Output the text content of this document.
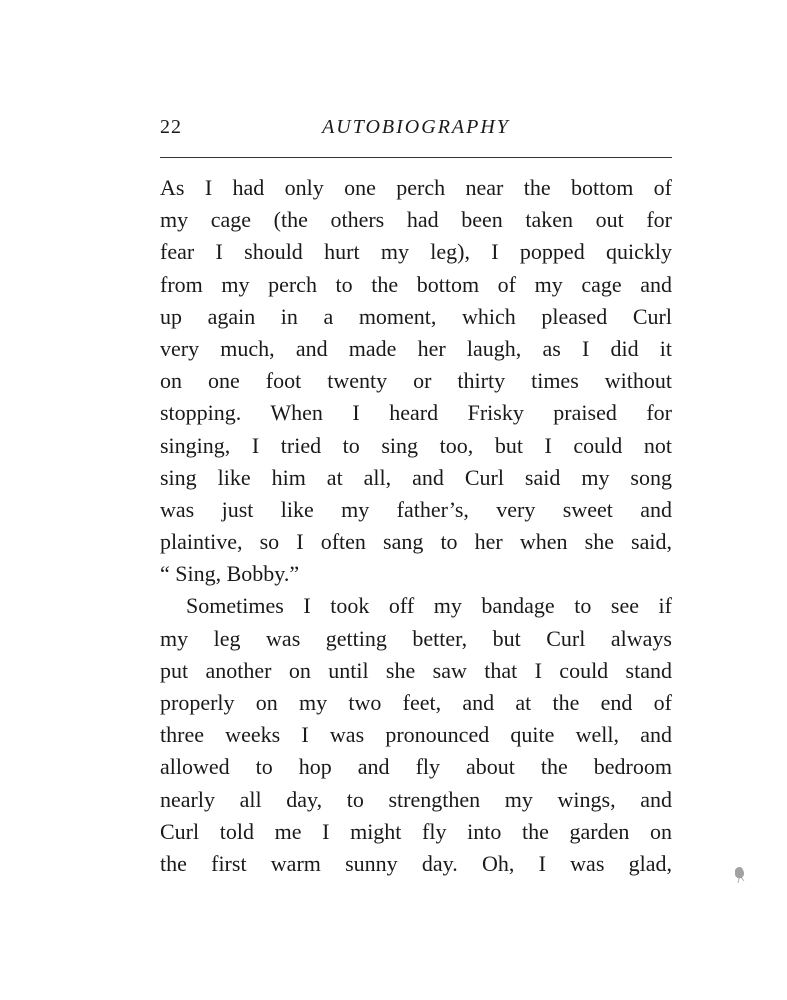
22	AUTOBIOGRAPHY
As I had only one perch near the bottom of
my cage (the others had been taken out for
fear I should hurt my leg), I popped quickly
from my perch to the bottom of my cage and
up again in a moment, which pleased Curl
very much, and made her laugh, as I did it
on one foot twenty or thirty times without
stopping. When I heard Frisky praised for
singing, I tried to sing too, but I could not
sing like him at all, and Curl said my song
was just like my father’s, very sweet and
plaintive, so I often sang to her when she said,
“ Sing, Bobby.”
Sometimes I took off my bandage to see if
my leg was getting better, but Curl always
put another on until she saw that I could stand
properly on my two feet, and at the end of
three weeks I was pronounced quite well, and
allowed to hop and fly about the bedroom
nearly all day, to strengthen my wings, and
Curl told me I might fly into the garden on
the first warm sunny day. Oh, I was glad,
